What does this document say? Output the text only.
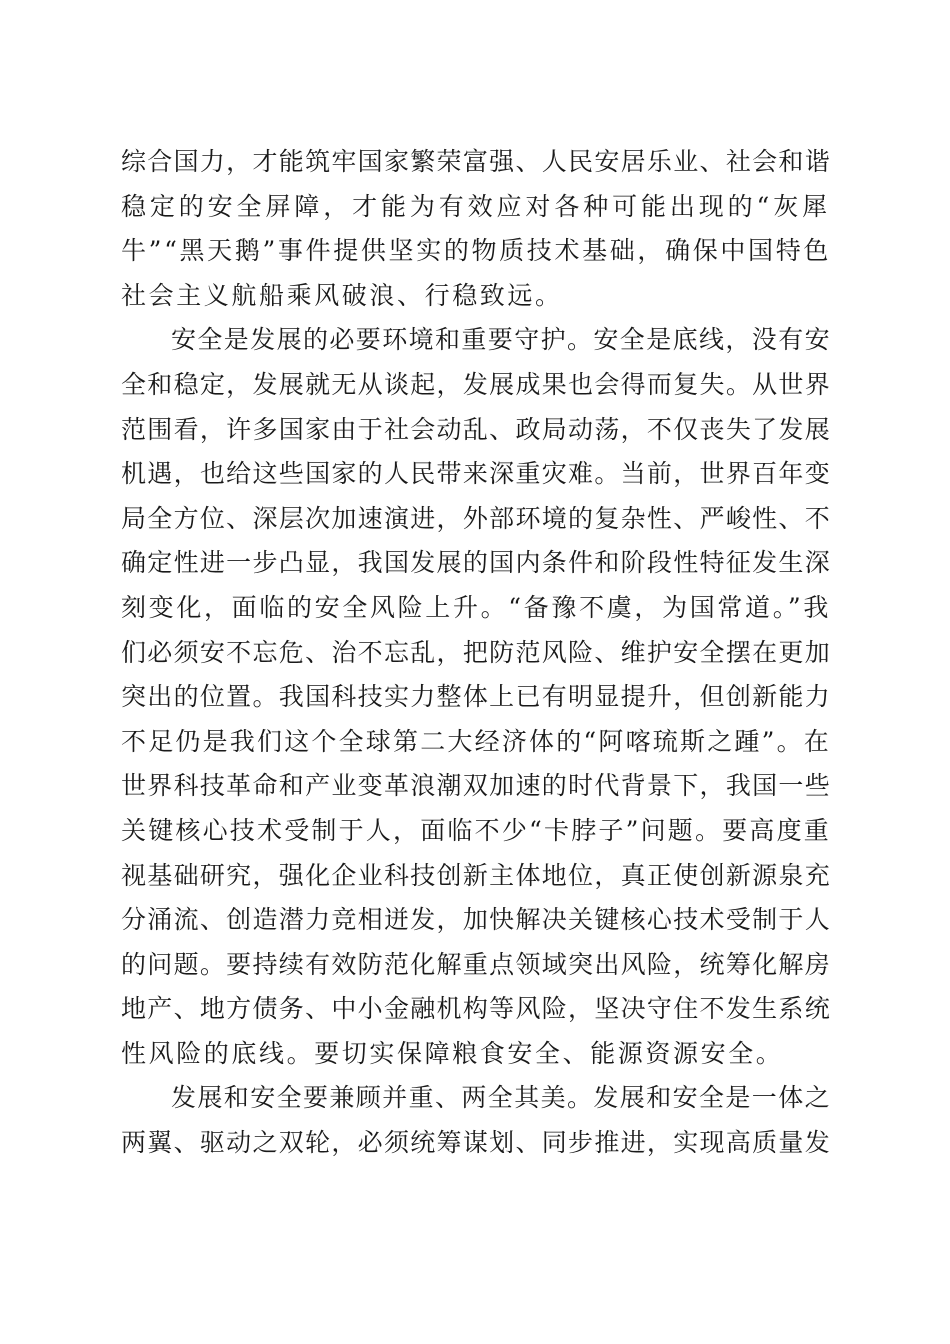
综合国力，才能筑牢国家繁荣富强、人民安居乐业、社会和谐
稳定的安全屏障，才能为有效应对各种可能出现的“灰犀
牛”“黑天鹅”事件提供坚实的物质技术基础，确保中国特色
社会主义航船乘风破浪、行稳致远。
安全是发展的必要环境和重要守护。安全是底线，没有安
全和稳定，发展就无从谈起，发展成果也会得而复失。从世界
范围看，许多国家由于社会动乱、政局动荡，不仅丧失了发展
机遇，也给这些国家的人民带来深重灾难。当前，世界百年变
局全方位、深层次加速演进，外部环境的复杂性、严峻性、不
确定性进一步凸显，我国发展的国内条件和阶段性特征发生深
刻变化，面临的安全风险上升。“备豫不虞，为国常道。”我
们必须安不忘危、治不忘乱，把防范风险、维护安全摆在更加
突出的位置。我国科技实力整体上已有明显提升，但创新能力
不足仍是我们这个全球第二大经济体的“阿喀琉斯之踵”。在
世界科技革命和产业变革浪潮双加速的时代背景下，我国一些
关键核心技术受制于人，面临不少“卡脖子”问题。要高度重
视基础研究，强化企业科技创新主体地位，真正使创新源泉充
分涌流、创造潜力竞相迸发，加快解决关键核心技术受制于人
的问题。要持续有效防范化解重点领域突出风险，统筹化解房
地产、地方债务、中小金融机构等风险，坚决守住不发生系统
性风险的底线。要切实保障粮食安全、能源资源安全。
发展和安全要兼顾并重、两全其美。发展和安全是一体之
两翼、驱动之双轮，必须统筹谋划、同步推进，实现高质量发
